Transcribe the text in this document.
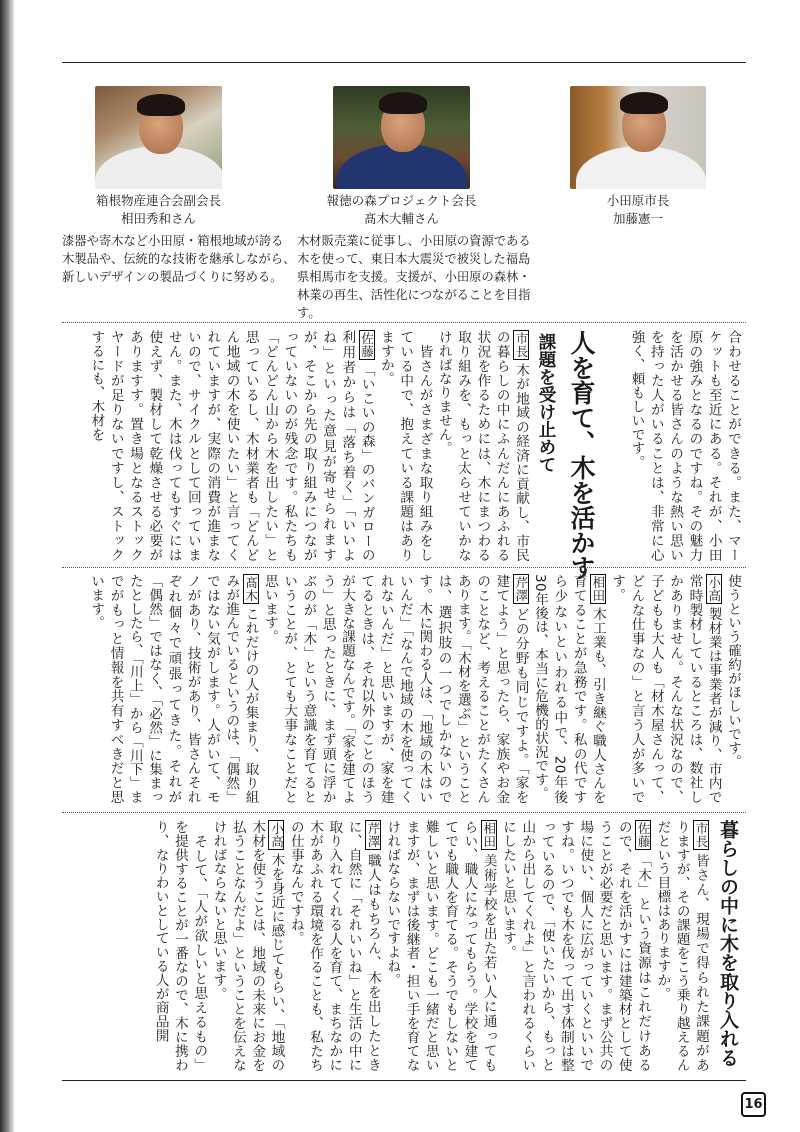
箱根物産連合会副会長
相田秀和さん
漆器や寄木など小田原・箱根地域が誇る
木製品や、伝統的な技術を継承しながら、
新しいデザインの製品づくりに努める。
報徳の森プロジェクト会長
髙木大輔さん
木材販売業に従事し、小田原の資源である
木を使って、東日本大震災で被災した福島
県相馬市を支援。支援が、小田原の森林・
林業の再生、活性化につながることを目指
す。
小田原市長
加藤憲一
合わせることができる。また、マーケットも至近にある。それが、小田原の強みとなるのですね。その魅力を活かせる皆さんのような熱い思いを持った人がいることは、非常に心強く、頼もしいです。
人を育て、木を活かす
課題を受け止めて
市長木が地域の経済に貢献し、市民の暮らしの中にふんだんにあふれる状況を作るためには、木にまつわる取り組みを、もっと太らせていかなければなりません。
　皆さんがさまざまな取り組みをしている中で、抱えている課題はありますか。
佐藤「いこいの森」のバンガローの利用者からは「落ち着く」「いいよね」といった意見が寄せられますが、そこから先の取り組みにつながっていないのが残念です。私たちも「どんどん山から木を出したい」と思っているし、木材業者も「どんどん地域の木を使いたい」と言ってくれていますが、実際の消費が進まないので、サイクルとして回っていません。また、木は伐ってもすぐには使えず、製材して乾燥させる必要がありますす。置き場となるストックヤードが足りないですし、ストックするにも、木材を
使うという確約がほしいです。
小高製材業は事業者が減り、市内で常時製材しているところは、数社しかありません。そんな状況なので、子どもも大人も「材木屋さんって、どんな仕事なの」と言う人が多いです。
相田木工業も、引き継ぐ職人さんを育てることが急務です。私の代ですら少ないといわれる中で、20年後30年後は、本当に危機的状況です。
芹澤どの分野も同じですよ。「家を建てよう」と思ったら、家族やお金のことなど、考えることがたくさんあります。「木材を選ぶ」ということは、選択肢の一つでしかないのです。木に関わる人は、「地域の木はいいんだ」「なんで地域の木を使ってくれないんだ」と思いますが、家を建てるときは、それ以外のことのほうが大きな課題なんです。「家を建てよう」と思ったときに、まず頭に浮かぶのが「木」という意識を育てるということが、とても大事なことだと思います。
髙木これだけの人が集まり、取り組みが進んでいるというのは、「偶然」ではない気がします。人がいて、モノがあり、技術があり、皆さんそれぞれ個々で頑張ってきた。それが「偶然」ではなく、「必然」に集まったとしたら、「川上」から「川下」までがもっと情報を共有すべきだと思います。
暮らしの中に木を取り入れる
市長皆さん、現場で得られた課題がありますが、その課題をこう乗り越えるんだという目標はありますか。
佐藤「木」という資源はこれだけあるので、それを活かすには建築材として使うことが必要だと思います。まず公共の場に使い、個人に広がっていくといいですね。いつでも木を伐って出す体制は整っているので、「使いたいから、もっと山から出してくれよ」と言われるくらいにしたいと思います。
相田美術学校を出た若い人に通ってもらい、職人になってもらう。学校を建ててでも職人を育てる。そうでもしないと難しいと思います。どこも一緒だと思いますが、まずは後継者・担い手を育てなければならないですよね。
芹澤職人はもちろん、木を出したときに、自然に「それいいね」と生活の中に取り入れてくれる人を育て、まちなかに木があふれる環境を作ることも、私たちの仕事なんですね。
小高木を身近に感じてもらい、「地域の木材を使うことは、地域の未来にお金を払うことなんだよ」ということを伝えなければならないと思います。
　そして、「人が欲しいと思えるもの」を提供することが一番なので、木に携わり、なりわいとしている人が商品開
16
